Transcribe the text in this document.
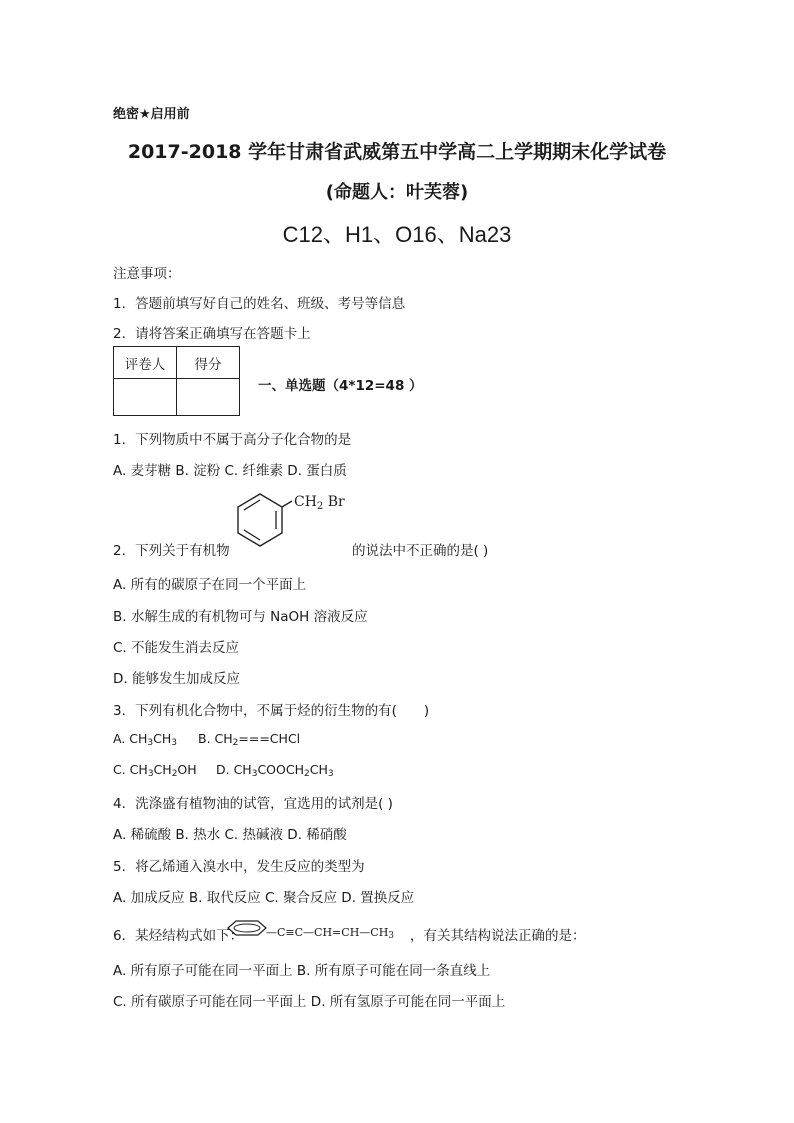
绝密★启用前
2017-2018 学年甘肃省武威第五中学高二上学期期末化学试卷
(命题人：叶芙蓉)
C12、H1、O16、Na23
注意事项：
1．答题前填写好自己的姓名、班级、考号等信息
2．请将答案正确填写在答题卡上
评卷人	得分

一、单选题（4*12=48 ）
1．下列物质中不属于高分子化合物的是
A. 麦芽糖 B. 淀粉 C. 纤维素 D. 蛋白质
$CH_2$ Br
2．下列关于有机物	的说法中不正确的是( )
A. 所有的碳原子在同一个平面上
B. 水解生成的有机物可与 NaOH 溶液反应
C. 不能发生消去反应
D. 能够发生加成反应
3．下列有机化合物中，不属于烃的衍生物的有(　　)
A. $CH_3CH_3$ B. $CH_2===CHCl$
C. $CH_3CH_2OH$ D. $CH_3COOCH_2CH_3$
4．洗涤盛有植物油的试管，宜选用的试剂是( )
A. 稀硫酸 B. 热水 C. 热碱液 D. 稀硝酸
5．将乙烯通入溴水中，发生反应的类型为
A. 加成反应 B. 取代反应 C. 聚合反应 D. 置换反应
6．某烃结构式如下： $—C\equiv C—CH=CH—CH_3$ ，有关其结构说法正确的是：
A. 所有原子可能在同一平面上 B. 所有原子可能在同一条直线上
C. 所有碳原子可能在同一平面上 D. 所有氢原子可能在同一平面上
